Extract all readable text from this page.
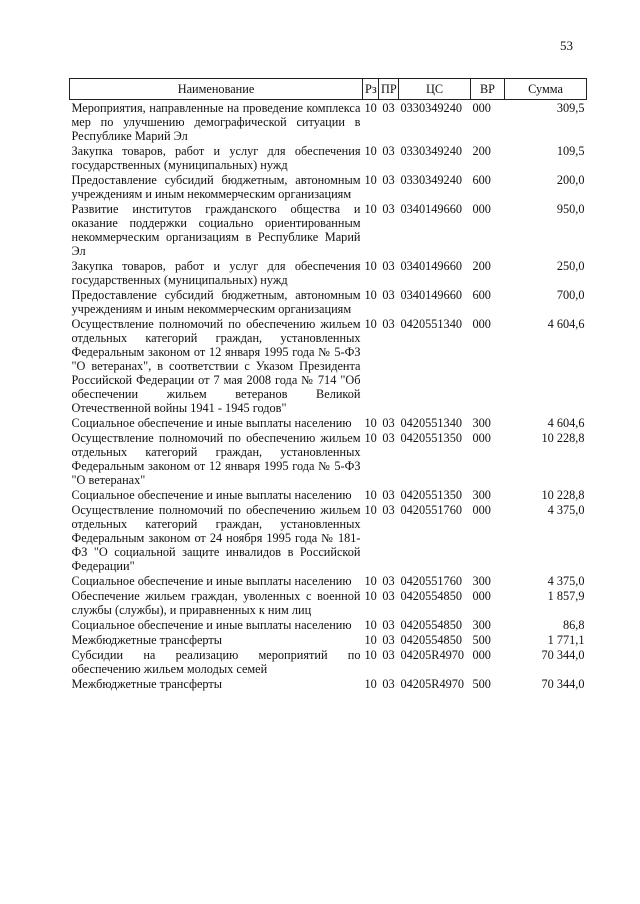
53
Наименование	Рз	ПР	ЦС	ВР	Сумма
Мероприятия, направленные на проведение комплекса мер по улучшению демографической ситуации в Республике Марий Эл	10	03	0330349240	000	309,5
Закупка товаров, работ и услуг для обеспечения государственных (муниципальных) нужд	10	03	0330349240	200	109,5
Предоставление субсидий бюджетным, автономным учреждениям и иным некоммерческим организациям	10	03	0330349240	600	200,0
Развитие институтов гражданского общества и оказание поддержки социально ориентированным некоммерческим организациям в Республике Марий Эл	10	03	0340149660	000	950,0
Закупка товаров, работ и услуг для обеспечения государственных (муниципальных) нужд	10	03	0340149660	200	250,0
Предоставление субсидий бюджетным, автономным учреждениям и иным некоммерческим организациям	10	03	0340149660	600	700,0
Осуществление полномочий по обеспечению жильем отдельных категорий граждан, установленных Федеральным законом от 12 января 1995 года № 5-ФЗ "О ветеранах", в соответствии с Указом Президента Российской Федерации от 7 мая 2008 года № 714 "Об обеспечении жильем ветеранов Великой Отечественной войны 1941 - 1945 годов"	10	03	0420551340	000	4 604,6
Социальное обеспечение и иные выплаты населению	10	03	0420551340	300	4 604,6
Осуществление полномочий по обеспечению жильем отдельных категорий граждан, установленных Федеральным законом от 12 января 1995 года № 5-ФЗ "О ветеранах"	10	03	0420551350	000	10 228,8
Социальное обеспечение и иные выплаты населению	10	03	0420551350	300	10 228,8
Осуществление полномочий по обеспечению жильем отдельных категорий граждан, установленных Федеральным законом от 24 ноября 1995 года № 181-ФЗ "О социальной защите инвалидов в Российской Федерации"	10	03	0420551760	000	4 375,0
Социальное обеспечение и иные выплаты населению	10	03	0420551760	300	4 375,0
Обеспечение жильем граждан, уволенных с военной службы (службы), и приравненных к ним лиц	10	03	0420554850	000	1 857,9
Социальное обеспечение и иные выплаты населению	10	03	0420554850	300	86,8
Межбюджетные трансферты	10	03	0420554850	500	1 771,1
Субсидии на реализацию мероприятий по обеспечению жильем молодых семей	10	03	04205R4970	000	70 344,0
Межбюджетные трансферты	10	03	04205R4970	500	70 344,0
